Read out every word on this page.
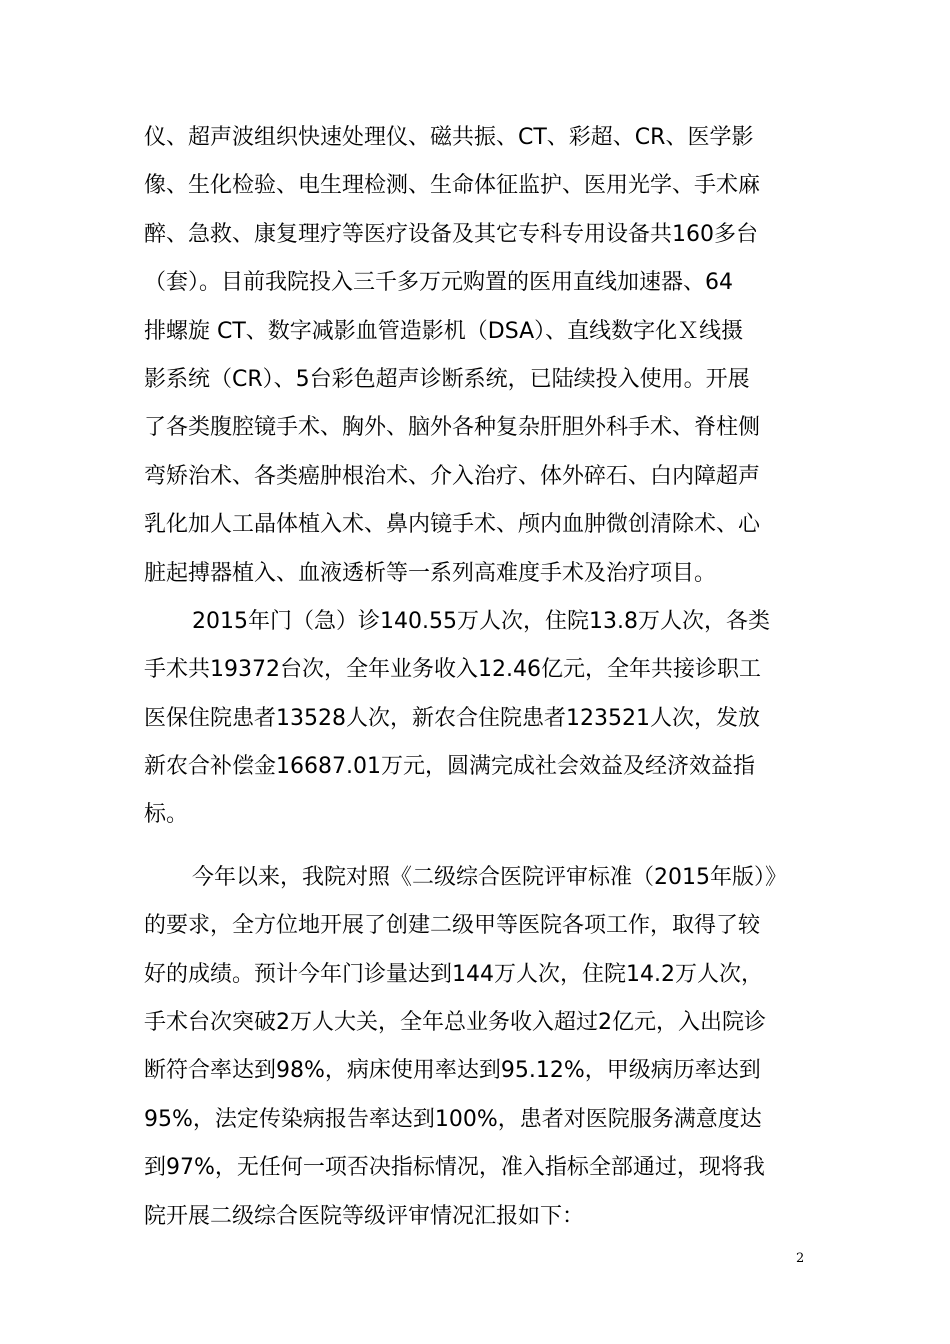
仪、超声波组织快速处理仪、磁共振、CT、彩超、CR、医学影
像、生化检验、电生理检测、生命体征监护、医用光学、手术麻
醉、急救、康复理疗等医疗设备及其它专科专用设备共160多台
（套）。目前我院投入三千多万元购置的医用直线加速器、64
排螺旋 CT、数字减影血管造影机（DSA）、直线数字化Ｘ线摄
影系统（CR）、5台彩色超声诊断系统，已陆续投入使用。开展
了各类腹腔镜手术、胸外、脑外各种复杂肝胆外科手术、脊柱侧
弯矫治术、各类癌肿根治术、介入治疗、体外碎石、白内障超声
乳化加人工晶体植入术、鼻内镜手术、颅内血肿微创清除术、心
脏起搏器植入、血液透析等一系列高难度手术及治疗项目。
2015年门（急）诊140.55万人次，住院13.8万人次，各类
手术共19372台次，全年业务收入12.46亿元，全年共接诊职工
医保住院患者13528人次，新农合住院患者123521人次，发放
新农合补偿金16687.01万元，圆满完成社会效益及经济效益指
标。
今年以来，我院对照《二级综合医院评审标准（2015年版）》
的要求，全方位地开展了创建二级甲等医院各项工作，取得了较
好的成绩。预计今年门诊量达到144万人次，住院14.2万人次，
手术台次突破2万人大关，全年总业务收入超过2亿元，入出院诊
断符合率达到98%，病床使用率达到95.12%，甲级病历率达到
95%，法定传染病报告率达到100%，患者对医院服务满意度达
到97%，无任何一项否决指标情况，准入指标全部通过，现将我
院开展二级综合医院等级评审情况汇报如下：
2
